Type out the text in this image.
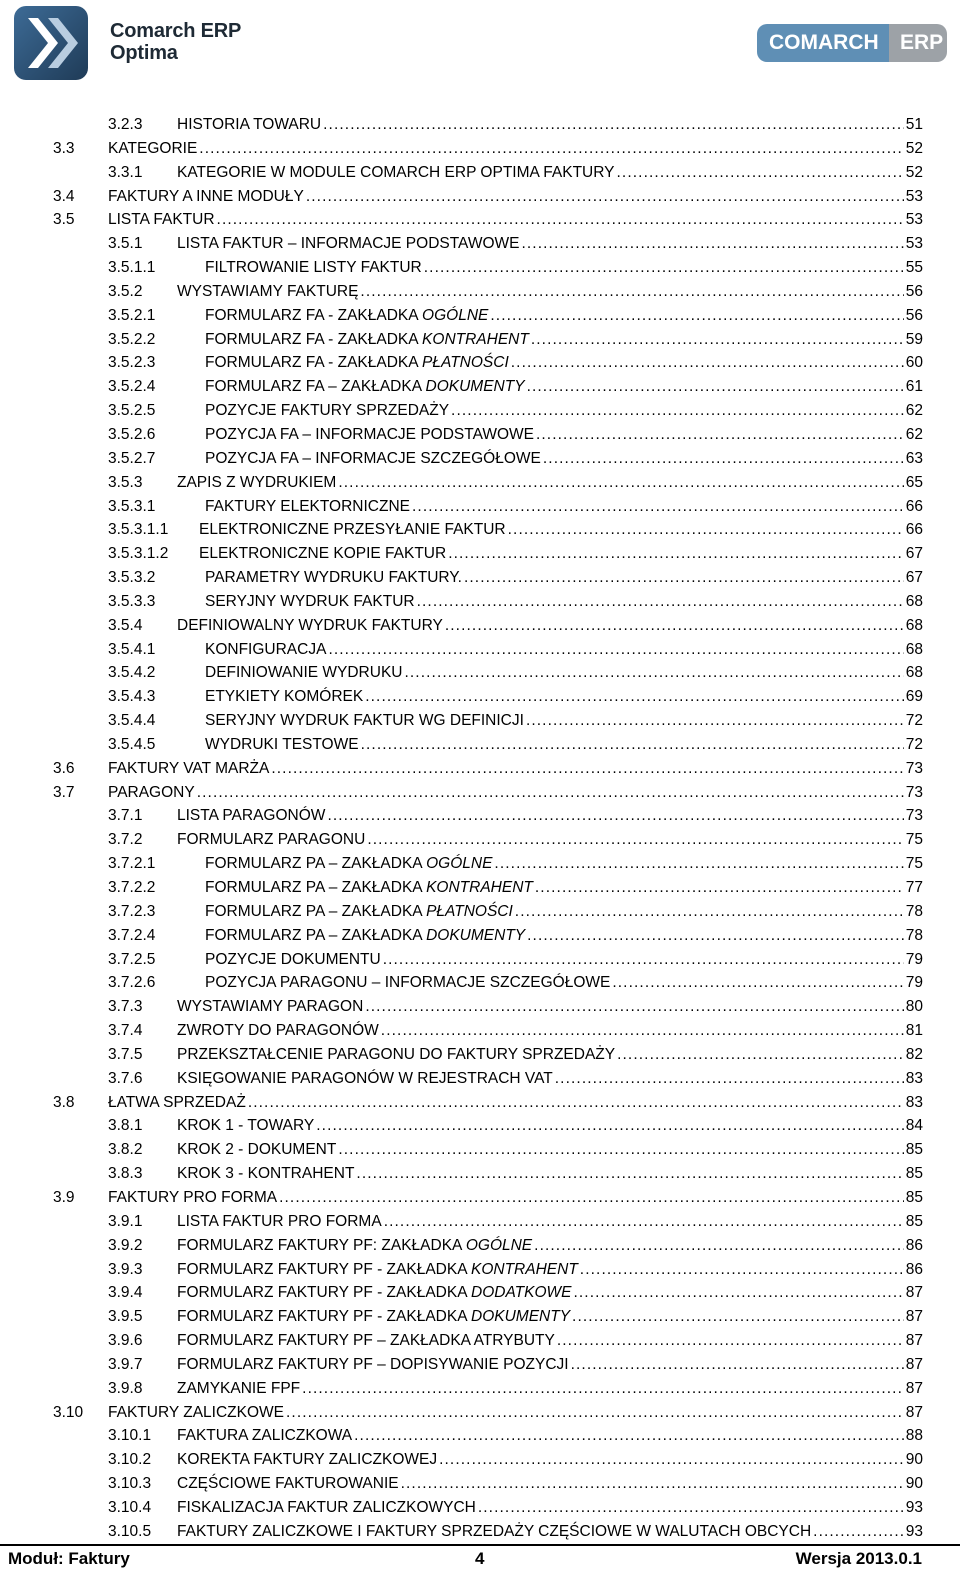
Comarch ERP
Optima	COMARCH ERP
3.2.3 HISTORIA TOWARU . . .	51
3.3 KATEGORIE . . .	52
3.3.1 KATEGORIE W MODULE COMARCH ERP OPTIMA FAKTURY . . .	52
3.4 FAKTURY A INNE MODUŁY . . .	53
3.5 LISTA FAKTUR . . .	53
3.5.1 LISTA FAKTUR – INFORMACJE PODSTAWOWE . . .	53
3.5.1.1	FILTROWANIE LISTY FAKTUR . . .	55
3.5.2 WYSTAWIAMY FAKTURĘ . . .	56
3.5.2.1	FORMULARZ FA - ZAKŁADKA OGÓLNE . . .	56
3.5.2.2	FORMULARZ FA - ZAKŁADKA KONTRAHENT . . .	59
3.5.2.3	FORMULARZ FA - ZAKŁADKA PŁATNOŚCI . . .	60
3.5.2.4	FORMULARZ FA – ZAKŁADKA DOKUMENTY . . .	61
3.5.2.5	POZYCJE FAKTURY SPRZEDAŻY . . .	62
3.5.2.6	POZYCJA FA – INFORMACJE PODSTAWOWE . . .	62
3.5.2.7	POZYCJA FA – INFORMACJE SZCZEGÓŁOWE . . .	63
3.5.3 ZAPIS Z WYDRUKIEM . . .	65
3.5.3.1	FAKTURY ELEKTORNICZNE . . .	66
3.5.3.1.1 ELEKTRONICZNE PRZESYŁANIE FAKTUR . . .	66
3.5.3.1.2 ELEKTRONICZNE KOPIE FAKTUR . . .	67
3.5.3.2	PARAMETRY WYDRUKU FAKTURY. . . .	67
3.5.3.3	SERYJNY WYDRUK FAKTUR . . .	68
3.5.4 DEFINIOWALNY WYDRUK FAKTURY . . .	68
3.5.4.1	KONFIGURACJA . . .	68
3.5.4.2	DEFINIOWANIE WYDRUKU . . .	68
3.5.4.3	ETYKIETY KOMÓREK . . .	69
3.5.4.4	SERYJNY WYDRUK FAKTUR WG DEFINICJI . . .	72
3.5.4.5	WYDRUKI TESTOWE . . .	72
3.6 FAKTURY VAT MARŻA . . .	73
3.7 PARAGONY . . .	73
3.7.1 LISTA PARAGONÓW . . .	73
3.7.2 FORMULARZ PARAGONU . . .	75
3.7.2.1	FORMULARZ PA – ZAKŁADKA OGÓLNE . . .	75
3.7.2.2	FORMULARZ PA – ZAKŁADKA KONTRAHENT . . .	77
3.7.2.3	FORMULARZ PA – ZAKŁADKA PŁATNOŚCI . . .	78
3.7.2.4	FORMULARZ PA – ZAKŁADKA DOKUMENTY . . .	78
3.7.2.5	POZYCJE DOKUMENTU . . .	79
3.7.2.6	POZYCJA PARAGONU – INFORMACJE SZCZEGÓŁOWE . . .	79
3.7.3 WYSTAWIAMY PARAGON . . .	80
3.7.4 ZWROTY DO PARAGONÓW . . .	81
3.7.5 PRZEKSZTAŁCENIE PARAGONU DO FAKTURY SPRZEDAŻY . . .	82
3.7.6 KSIĘGOWANIE PARAGONÓW W REJESTRACH VAT . . .	83
3.8 ŁATWA SPRZEDAŻ . . .	83
3.8.1 KROK 1 - TOWARY . . .	84
3.8.2 KROK 2 - DOKUMENT . . .	85
3.8.3 KROK 3 - KONTRAHENT . . .	85
3.9 FAKTURY PRO FORMA . . .	85
3.9.1 LISTA FAKTUR PRO FORMA . . .	85
3.9.2 FORMULARZ FAKTURY PF: ZAKŁADKA OGÓLNE . . .	86
3.9.3 FORMULARZ FAKTURY PF - ZAKŁADKA KONTRAHENT . . .	86
3.9.4 FORMULARZ FAKTURY PF - ZAKŁADKA DODATKOWE . . .	87
3.9.5 FORMULARZ FAKTURY PF - ZAKŁADKA DOKUMENTY . . .	87
3.9.6 FORMULARZ FAKTURY PF – ZAKŁADKA ATRYBUTY . . .	87
3.9.7 FORMULARZ FAKTURY PF – DOPISYWANIE POZYCJI . . .	87
3.9.8 ZAMYKANIE FPF . . .	87
3.10 FAKTURY ZALICZKOWE . . .	87
3.10.1 FAKTURA ZALICZKOWA . . .	88
3.10.2 KOREKTA FAKTURY ZALICZKOWEJ . . .	90
3.10.3 CZĘŚCIOWE FAKTUROWANIE . . .	90
3.10.4 FISKALIZACJA FAKTUR ZALICZKOWYCH . . .	93
3.10.5 FAKTURY ZALICZKOWE I FAKTURY SPRZEDAŻY CZĘŚCIOWE W WALUTACH OBCYCH . . .	93
Moduł: Faktury	4	Wersja 2013.0.1
